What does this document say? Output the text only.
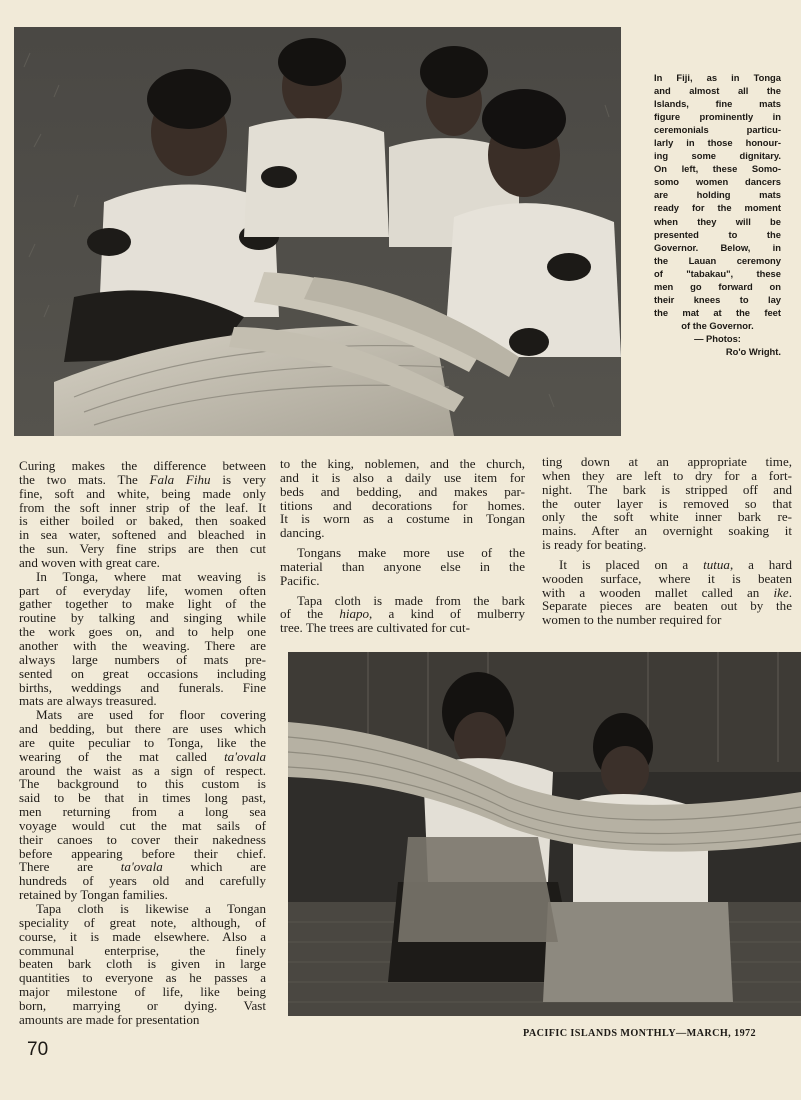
In Fiji, as in Tonga
and almost all the
Islands, fine mats
figure prominently in
ceremonials particu-
larly in those honour-
ing some dignitary.
On left, these Somo-
somo women dancers
are holding mats
ready for the moment
when they will be
presented to the
Governor. Below, in
the Lauan ceremony
of "tabakau", these
men go forward on
their knees to lay
the mat at the feet
of the Governor.
— Photos:
Ro'o Wright.
Curing makes the difference between
the two mats. The Fala Fihu is very
fine, soft and white, being made only
from the soft inner strip of the leaf. It
is either boiled or baked, then soaked
in sea water, softened and bleached in
the sun. Very fine strips are then cut
and woven with great care.
In Tonga, where mat weaving is
part of everyday life, women often
gather together to make light of the
routine by talking and singing while
the work goes on, and to help one
another with the weaving. There are
always large numbers of mats pre-
sented on great occasions including
births, weddings and funerals. Fine
mats are always treasured.
Mats are used for floor covering
and bedding, but there are uses which
are quite peculiar to Tonga, like the
wearing of the mat called ta'ovala
around the waist as a sign of respect.
The background to this custom is
said to be that in times long past,
men returning from a long sea
voyage would cut the mat sails of
their canoes to cover their nakedness
before appearing before their chief.
There are ta'ovala which are
hundreds of years old and carefully
retained by Tongan families.
Tapa cloth is likewise a Tongan
speciality of great note, although, of
course, it is made elsewhere. Also a
communal enterprise, the finely
beaten bark cloth is given in large
quantities to everyone as he passes a
major milestone of life, like being
born, marrying or dying. Vast
amounts are made for presentation
to the king, noblemen, and the church,
and it is also a daily use item for
beds and bedding, and makes par-
titions and decorations for homes.
It is worn as a costume in Tongan
dancing.
Tongans make more use of the
material than anyone else in the
Pacific.
Tapa cloth is made from the bark
of the hiapo, a kind of mulberry
tree. The trees are cultivated for cut-
ting down at an appropriate time,
when they are left to dry for a fort-
night. The bark is stripped off and
the outer layer is removed so that
only the soft white inner bark re-
mains. After an overnight soaking it
is ready for beating.
It is placed on a tutua, a hard
wooden surface, where it is beaten
with a wooden mallet called an ike.
Separate pieces are beaten out by the
women to the number required for
70
PACIFIC ISLANDS MONTHLY—MARCH, 1972
